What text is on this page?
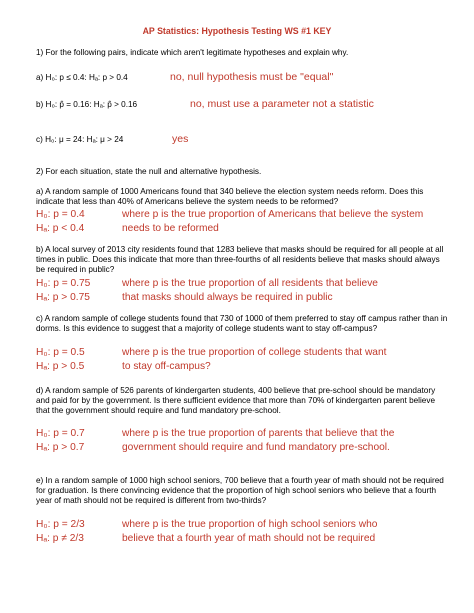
AP Statistics: Hypothesis Testing WS #1 KEY
1) For the following pairs, indicate which aren't legitimate hypotheses and explain why.
a) H₀: p ≤ 0.4: Hₐ: p > 0.4	no, null hypothesis must be "equal"
b) H₀: p̂ = 0.16: Hₐ: p̂ > 0.16	no, must use a parameter not a statistic
c) H₀: μ = 24: Hₐ: μ > 24	yes
2) For each situation, state the null and alternative hypothesis.
a) A random sample of 1000 Americans found that 340 believe the election system needs reform. Does this indicate that less than 40% of Americans believe the system needs to be reformed?
H₀: p = 0.4	where p is the true proportion of Americans that believe the system
Hₐ: p < 0.4	needs to be reformed
b) A local survey of 2013 city residents found that 1283 believe that masks should be required for all people at all times in public. Does this indicate that more than three-fourths of all residents believe that masks should always be required in public?
H₀: p = 0.75	where p is the true proportion of all residents that believe
Hₐ: p > 0.75	that masks should always be required in public
c) A random sample of college students found that 730 of 1000 of them preferred to stay off campus rather than in dorms. Is this evidence to suggest that a majority of college students want to stay off-campus?
H₀: p = 0.5	where p is the true proportion of college students that want
Hₐ: p > 0.5	to stay off-campus?
d) A random sample of 526 parents of kindergarten students, 400 believe that pre-school should be mandatory and paid for by the government. Is there sufficient evidence that more than 70% of kindergarten parent believe that the government should require and fund mandatory pre-school.
H₀: p = 0.7	where p is the true proportion of parents that believe that the
Hₐ: p > 0.7	government should require and fund mandatory pre-school.
e) In a random sample of 1000 high school seniors, 700 believe that a fourth year of math should not be required for graduation. Is there convincing evidence that the proportion of high school seniors who believe that a fourth year of math should not be required is different from two-thirds?
H₀: p = 2/3	where p is the true proportion of high school seniors who
Hₐ: p ≠ 2/3	believe that a fourth year of math should not be required
